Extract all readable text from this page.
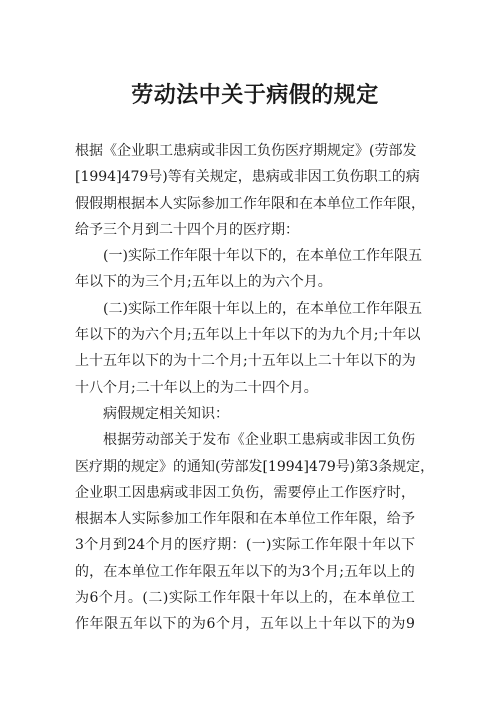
劳动法中关于病假的规定
根 据 《 企 业 职 工 患 病 或 非 因 工 负 伤 医 疗 期 规 定 》 ( 劳 部 发
[1994] 479 号 ) 等 有 关 规 定 ， 患 病 或 非 因 工 负 伤 职 工 的 病
假 假 期 根 据 本 人 实 际 参 加 工 作 年 限 和 在 本 单 位 工 作 年 限 ，
给予三个月到二十四个月的医疗期：
( 一 ) 实 际 工 作 年 限 十 年 以 下 的 ， 在 本 单 位 工 作 年 限 五
年以下的为三个月;五年以上的为六个月。
( 二 ) 实 际 工 作 年 限 十 年 以 上 的 ， 在 本 单 位 工 作 年 限 五
年 以 下 的 为 六 个 月 ; 五 年 以 上 十 年 以 下 的 为 九 个 月 ; 十 年 以
上 十 五 年 以 下 的 为 十 二 个 月 ; 十 五 年 以 上 二 十 年 以 下 的 为
十八个月;二十年以上的为二十四个月。
病假规定相关知识：
根 据 劳 动 部 关 于 发 布 《 企 业 职 工 患 病 或 非 因 工 负 伤
医 疗 期 的 规 定 》 的 通 知 ( 劳 部 发 [1994] 479 号 ) 第 3 条 规 定 ，
企 业 职 工 因 患 病 或 非 因 工 负 伤 ， 需 要 停 止 工 作 医 疗 时 ，
根 据 本 人 实 际 参 加 工 作 年 限 和 在 本 单 位 工 作 年 限 ， 给 予
3 个 月 到 24 个 月 的 医 疗 期 ： ( 一 ) 实 际 工 作 年 限 十 年 以 下
的 ， 在 本 单 位 工 作 年 限 五 年 以 下 的 为 3 个 月 ; 五 年 以 上 的
为 6 个 月 。 ( 二 ) 实 际 工 作 年 限 十 年 以 上 的 ， 在 本 单 位 工
作 年 限 五 年 以 下 的 为 6 个 月 ， 五 年 以 上 十 年 以 下 的 为 9
